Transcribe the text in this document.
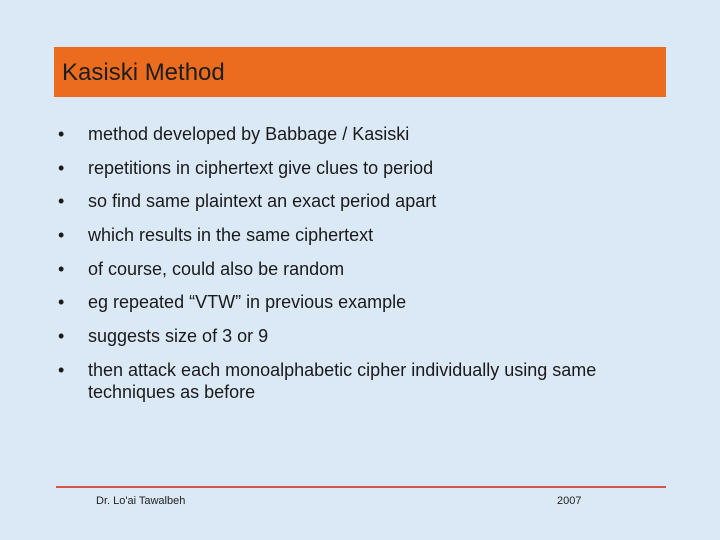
Kasiski Method
•	method developed by Babbage / Kasiski
•	repetitions in ciphertext give clues to period
•	so find same plaintext an exact period apart
•	which results in the same ciphertext
•	of course, could also be random
•	eg repeated “VTW” in previous example
•	suggests size of 3 or 9
•	then attack each monoalphabetic cipher individually using same techniques as before
Dr. Lo'ai Tawalbeh	2007
